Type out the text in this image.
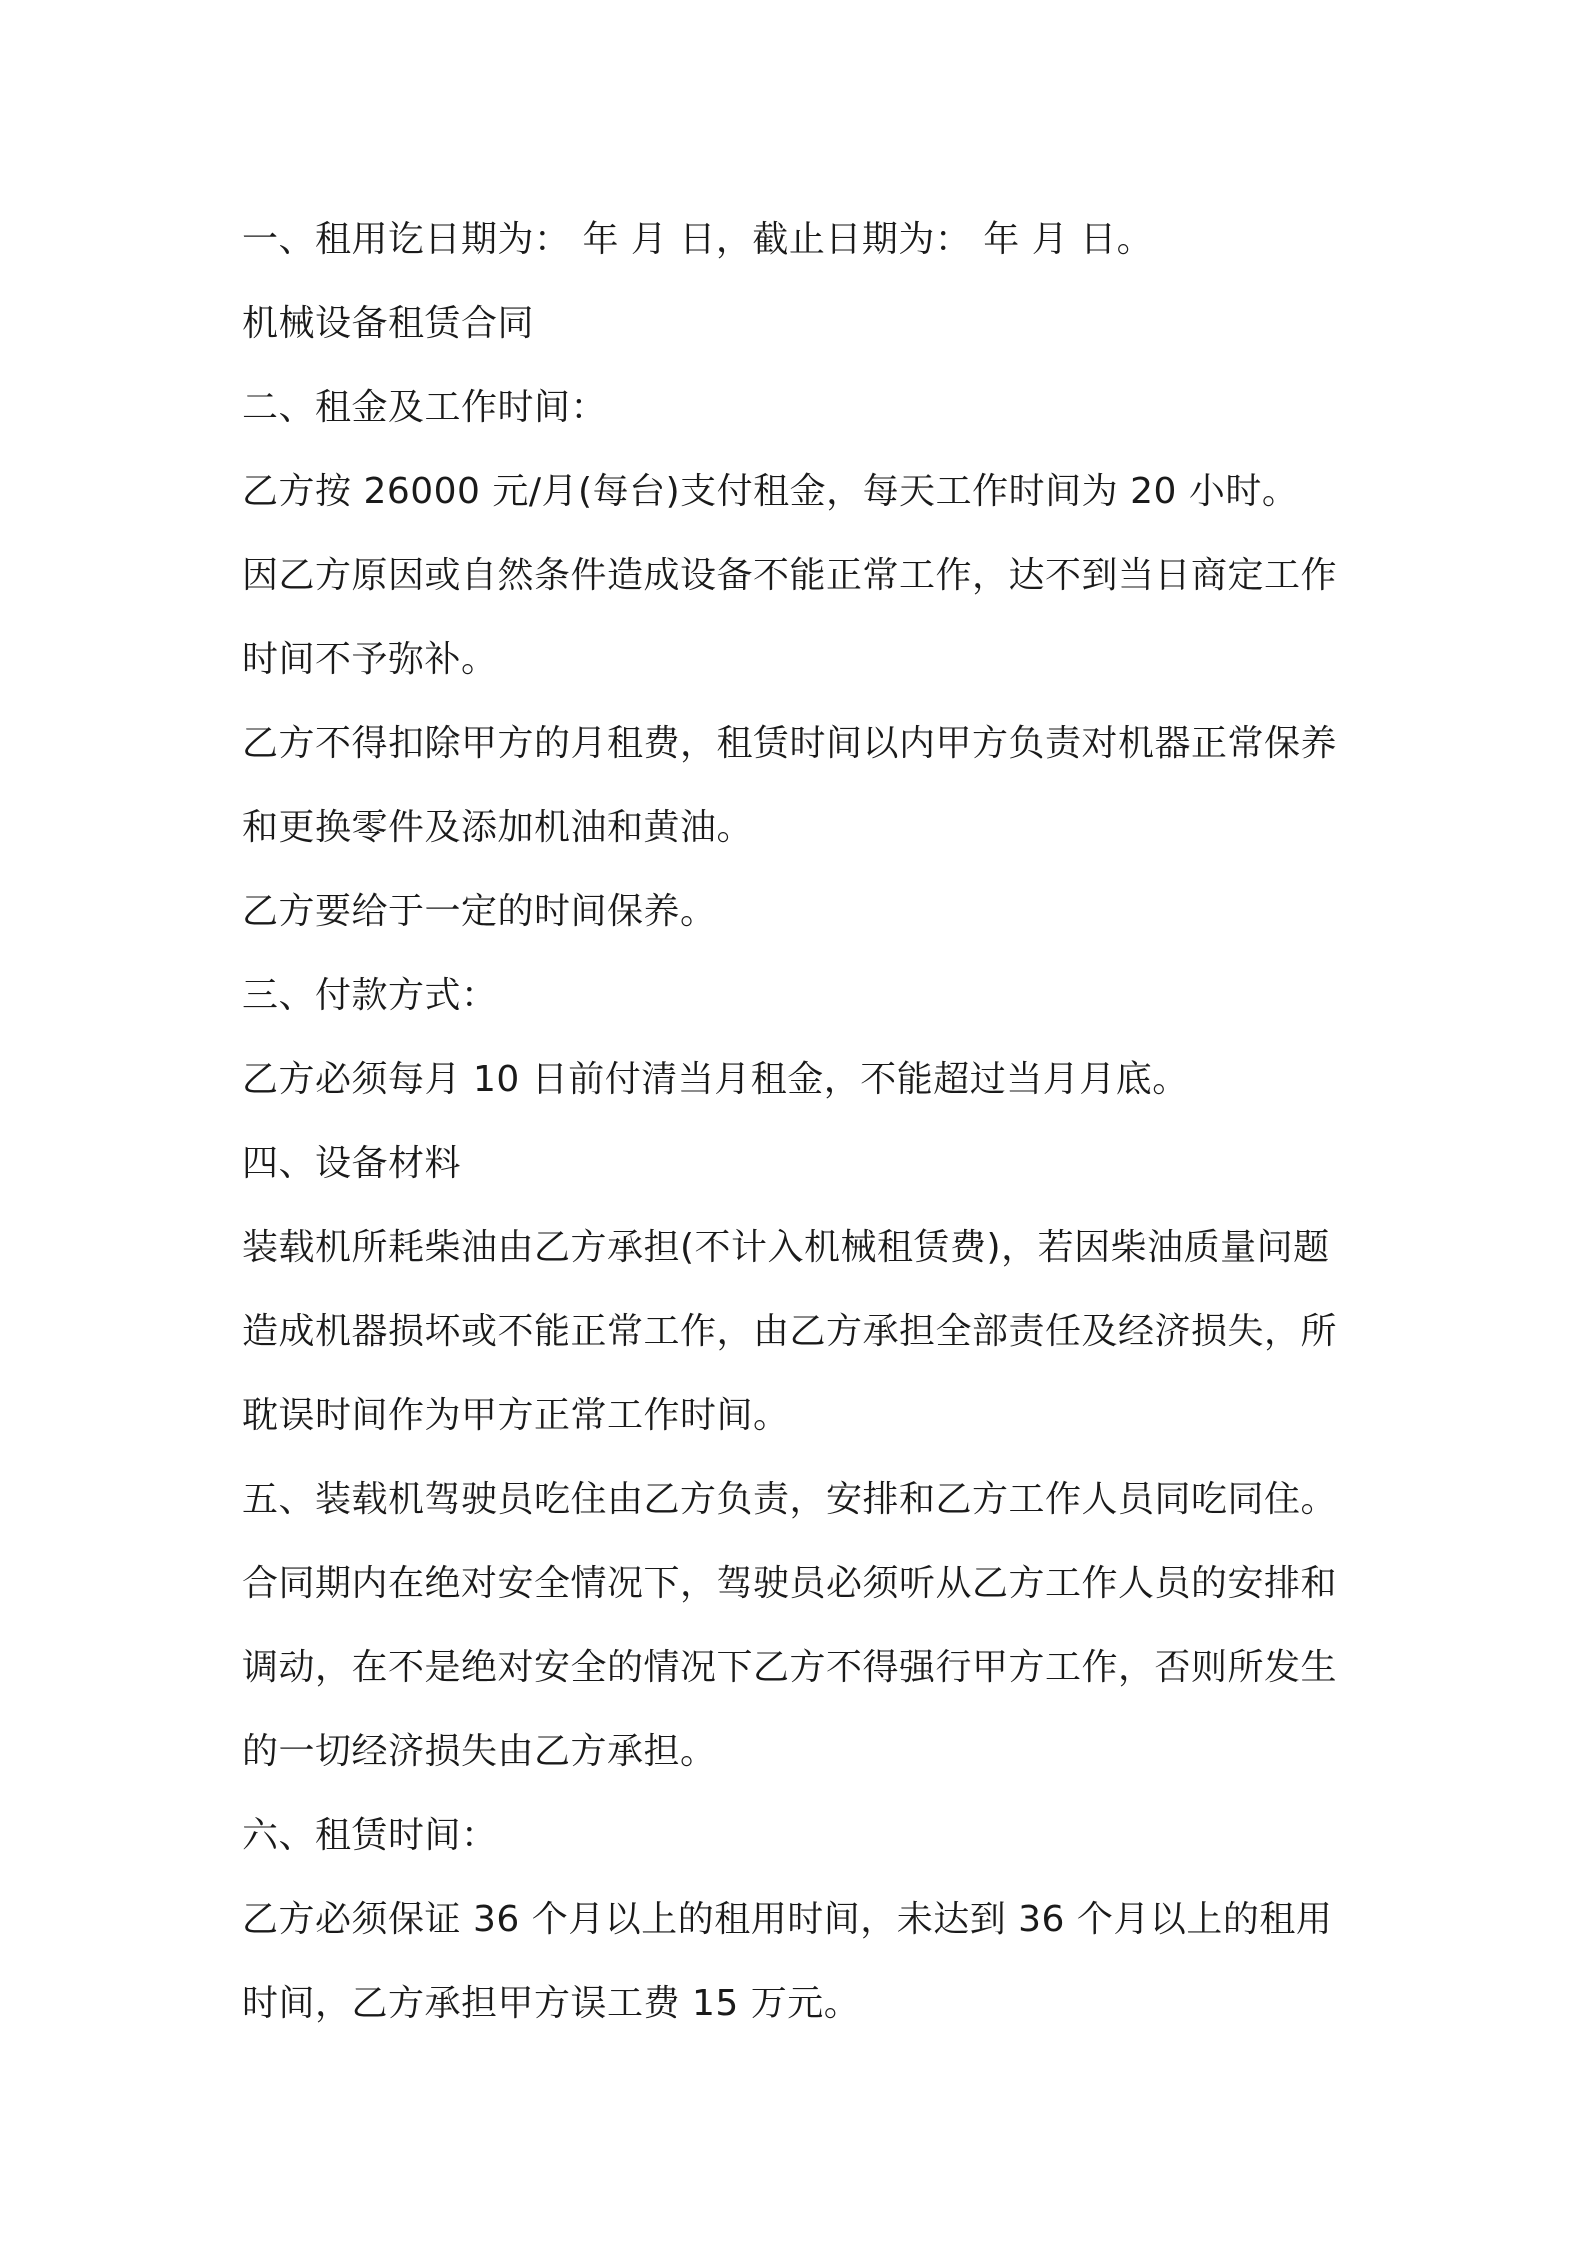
一、租用讫日期为： 年 月 日，截止日期为： 年 月 日。
机械设备租赁合同
二、租金及工作时间：
乙方按 26000 元/月(每台)支付租金，每天工作时间为 20 小时。
因乙方原因或自然条件造成设备不能正常工作，达不到当日商定工作
时间不予弥补。
乙方不得扣除甲方的月租费，租赁时间以内甲方负责对机器正常保养
和更换零件及添加机油和黄油。
乙方要给于一定的时间保养。
三、付款方式：
乙方必须每月 10 日前付清当月租金，不能超过当月月底。
四、设备材料
装载机所耗柴油由乙方承担(不计入机械租赁费)，若因柴油质量问题
造成机器损坏或不能正常工作，由乙方承担全部责任及经济损失，所
耽误时间作为甲方正常工作时间。
五、装载机驾驶员吃住由乙方负责，安排和乙方工作人员同吃同住。
合同期内在绝对安全情况下，驾驶员必须听从乙方工作人员的安排和
调动，在不是绝对安全的情况下乙方不得强行甲方工作，否则所发生
的一切经济损失由乙方承担。
六、租赁时间：
乙方必须保证 36 个月以上的租用时间，未达到 36 个月以上的租用
时间，乙方承担甲方误工费 15 万元。
